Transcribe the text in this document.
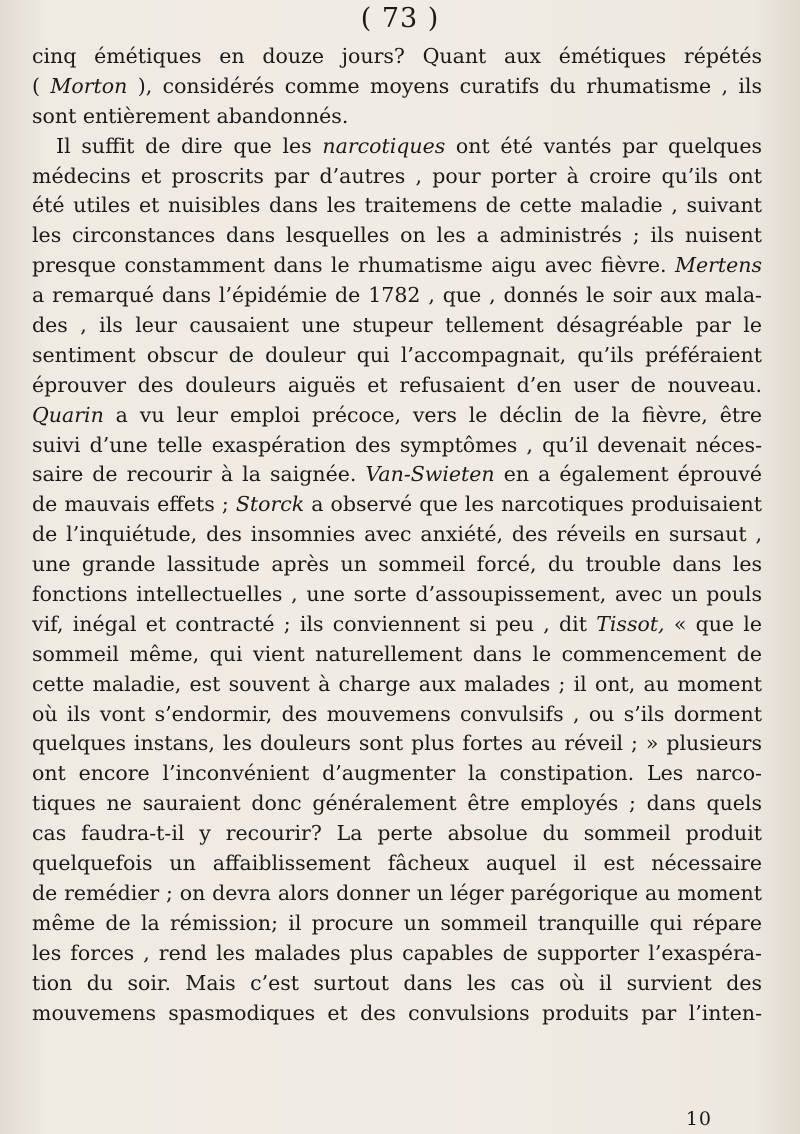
( 73 )
cinq émétiques en douze jours? Quant aux émétiques répétés
( Morton ), considérés comme moyens curatifs du rhumatisme , ils
sont entièrement abandonnés.
Il suffit de dire que les narcotiques ont été vantés par quelques
médecins et proscrits par d’autres , pour porter à croire qu’ils ont
été utiles et nuisibles dans les traitemens de cette maladie , suivant
les circonstances dans lesquelles on les a administrés ; ils nuisent
presque constamment dans le rhumatisme aigu avec fièvre. Mertens
a remarqué dans l’épidémie de 1782 , que , donnés le soir aux mala-
des , ils leur causaient une stupeur tellement désagréable par le
sentiment obscur de douleur qui l’accompagnait, qu’ils préféraient
éprouver des douleurs aiguës et refusaient d’en user de nouveau.
Quarin a vu leur emploi précoce, vers le déclin de la fièvre, être
suivi d’une telle exaspération des symptômes , qu’il devenait néces-
saire de recourir à la saignée. Van-Swieten en a également éprouvé
de mauvais effets ; Storck a observé que les narcotiques produisaient
de l’inquiétude, des insomnies avec anxiété, des réveils en sursaut ,
une grande lassitude après un sommeil forcé, du trouble dans les
fonctions intellectuelles , une sorte d’assoupissement, avec un pouls
vif, inégal et contracté ; ils conviennent si peu , dit Tissot, « que le
sommeil même, qui vient naturellement dans le commencement de
cette maladie, est souvent à charge aux malades ; il ont, au moment
où ils vont s’endormir, des mouvemens convulsifs , ou s’ils dorment
quelques instans, les douleurs sont plus fortes au réveil ; » plusieurs
ont encore l’inconvénient d’augmenter la constipation. Les narco-
tiques ne sauraient donc généralement être employés ; dans quels
cas faudra-t-il y recourir? La perte absolue du sommeil produit
quelquefois un affaiblissement fâcheux auquel il est nécessaire
de remédier ; on devra alors donner un léger parégorique au moment
même de la rémission; il procure un sommeil tranquille qui répare
les forces , rend les malades plus capables de supporter l’exaspéra-
tion du soir. Mais c’est surtout dans les cas où il survient des
mouvemens spasmodiques et des convulsions produits par l’inten-
10
